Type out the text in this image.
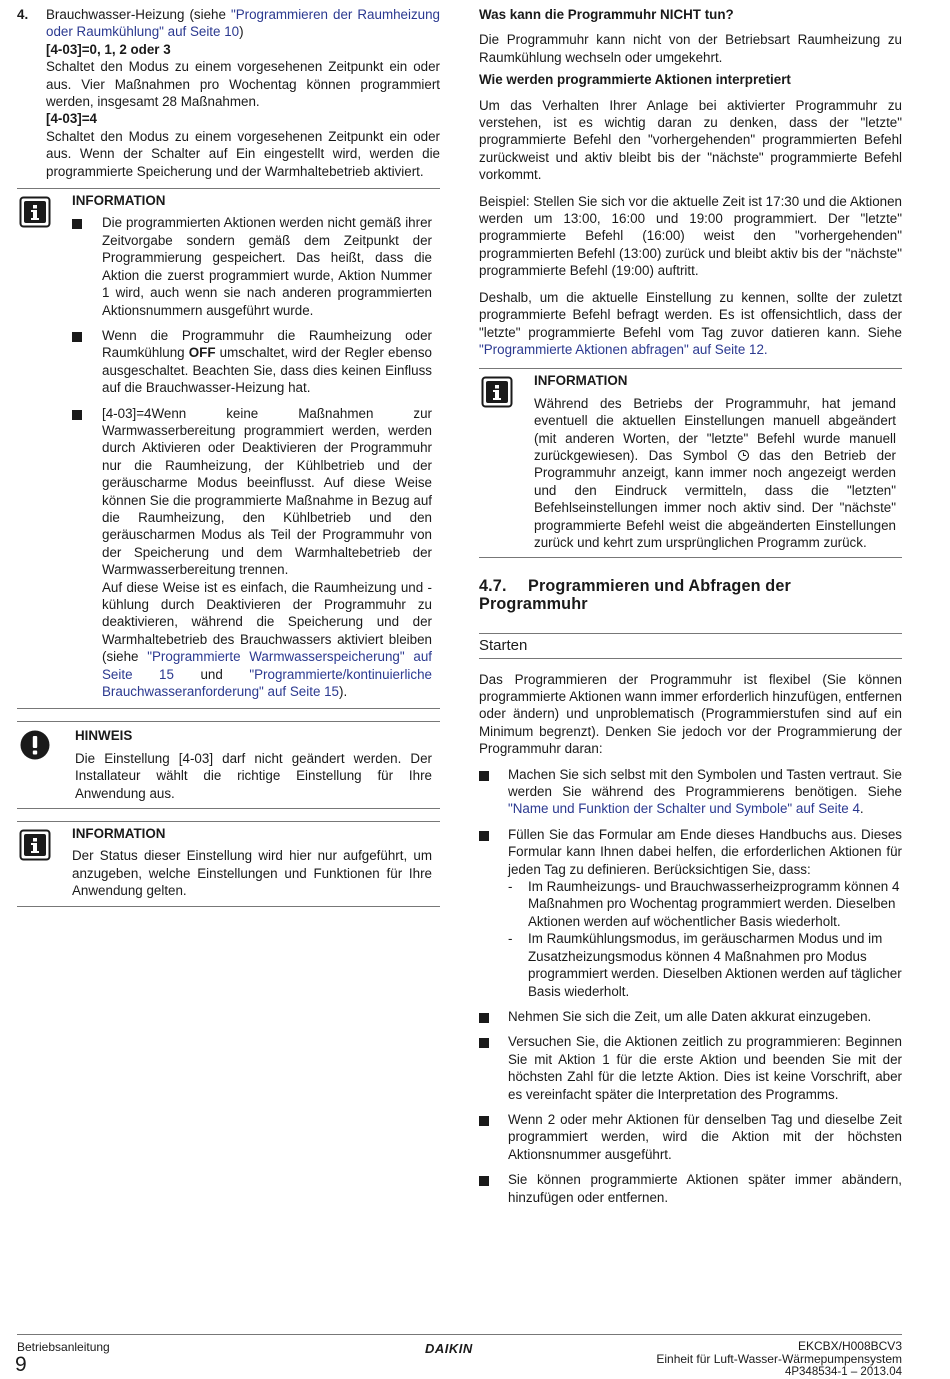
4. Brauchwasser-Heizung (siehe "Programmieren der Raumheizung oder Raumkühlung" auf Seite 10)

[4-03]=0, 1, 2 oder 3

Schaltet den Modus zu einem vorgesehenen Zeitpunkt ein oder aus. Vier Maßnahmen pro Wochentag können programmiert werden, insgesamt 28 Maßnahmen.

[4-03]=4

Schaltet den Modus zu einem vorgesehenen Zeitpunkt ein oder aus. Wenn der Schalter auf Ein eingestellt wird, werden die programmierte Speicherung und der Warmhaltebetrieb aktiviert.

INFORMATION

Die programmierten Aktionen werden nicht gemäß ihrer Zeitvorgabe sondern gemäß dem Zeitpunkt der Programmierung gespeichert. Das heißt, dass die Aktion die zuerst programmiert wurde, Aktion Nummer 1 wird, auch wenn sie nach anderen programmierten Aktionsnummern ausgeführt wurde.

Wenn die Programmuhr die Raumheizung oder Raumkühlung OFF umschaltet, wird der Regler ebenso ausgeschaltet. Beachten Sie, dass dies keinen Einfluss auf die Brauchwasser-Heizung hat.

[4-03]=4Wenn keine Maßnahmen zur Warmwasserbereitung programmiert werden, werden durch Aktivieren oder Deaktivieren der Programmuhr nur die Raumheizung, der Kühlbetrieb und der geräuscharme Modus beeinflusst. Auf diese Weise können Sie die programmierte Maßnahme in Bezug auf die Raumheizung, den Kühlbetrieb und den geräuscharmen Modus als Teil der Programmuhr von der Speicherung und dem Warmhaltebetrieb der Warmwasserbereitung trennen.

Auf diese Weise ist es einfach, die Raumheizung und -kühlung durch Deaktivieren der Programmuhr zu deaktivieren, während die Speicherung und der Warmhaltebetrieb des Brauchwassers aktiviert bleiben (siehe "Programmierte Warmwasserspeicherung" auf Seite 15 und "Programmierte/kontinuierliche Brauchwasseranforderung" auf Seite 15).

HINWEIS

Die Einstellung [4-03] darf nicht geändert werden. Der Installateur wählt die richtige Einstellung für Ihre Anwendung aus.

INFORMATION

Der Status dieser Einstellung wird hier nur aufgeführt, um anzugeben, welche Einstellungen und Funktionen für Ihre Anwendung gelten.

Was kann die Programmuhr NICHT tun?

Die Programmuhr kann nicht von der Betriebsart Raumheizung zu Raumkühlung wechseln oder umgekehrt.

Wie werden programmierte Aktionen interpretiert

Um das Verhalten Ihrer Anlage bei aktivierter Programmuhr zu verstehen, ist es wichtig daran zu denken, dass der "letzte" programmierte Befehl den "vorhergehenden" programmierten Befehl zurückweist und aktiv bleibt bis der "nächste" programmierte Befehl vorkommt.

Beispiel: Stellen Sie sich vor die aktuelle Zeit ist 17:30 und die Aktionen werden um 13:00, 16:00 und 19:00 programmiert. Der "letzte" programmierte Befehl (16:00) weist den "vorhergehenden" programmierten Befehl (13:00) zurück und bleibt aktiv bis der "nächste" programmierte Befehl (19:00) auftritt.

Deshalb, um die aktuelle Einstellung zu kennen, sollte der zuletzt programmierte Befehl befragt werden. Es ist offensichtlich, dass der "letzte" programmierte Befehl vom Tag zuvor datieren kann. Siehe "Programmierte Aktionen abfragen" auf Seite 12.

INFORMATION

Während des Betriebs der Programmuhr, hat jemand eventuell die aktuellen Einstellungen manuell abgeändert (mit anderen Worten, der "letzte" Befehl wurde manuell zurückgewiesen). Das Symbol
das den Betrieb der Programmuhr anzeigt, kann immer noch angezeigt werden und den Eindruck vermitteln, dass die "letzten" Befehlseinstellungen immer noch aktiv sind. Der "nächste" programmierte Befehl weist die abgeänderten Einstellungen zurück und kehrt zum ursprünglichen Programm zurück.

4.7. Programmieren und Abfragen der Programmuhr

Starten

Das Programmieren der Programmuhr ist flexibel (Sie können programmierte Aktionen wann immer erforderlich hinzufügen, entfernen oder ändern) und unproblematisch (Programmierstufen sind auf ein Minimum begrenzt). Denken Sie jedoch vor der Programmierung der Programmuhr daran:

Machen Sie sich selbst mit den Symbolen und Tasten vertraut. Sie werden Sie während des Programmierens benötigen. Siehe "Name und Funktion der Schalter und Symbole" auf Seite 4.

Füllen Sie das Formular am Ende dieses Handbuchs aus. Dieses Formular kann Ihnen dabei helfen, die erforderlichen Aktionen für jeden Tag zu definieren. Berücksichtigen Sie, dass:

- Im Raumheizungs- und Brauchwasserheizprogramm können 4 Maßnahmen pro Wochentag programmiert werden. Dieselben Aktionen werden auf wöchentlicher Basis wiederholt.

- Im Raumkühlungsmodus, im geräuscharmen Modus und im Zusatzheizungsmodus können 4 Maßnahmen pro Modus programmiert werden. Dieselben Aktionen werden auf täglicher Basis wiederholt.

Nehmen Sie sich die Zeit, um alle Daten akkurat einzugeben.

Versuchen Sie, die Aktionen zeitlich zu programmieren: Beginnen Sie mit Aktion 1 für die erste Aktion und beenden Sie mit der höchsten Zahl für die letzte Aktion. Dies ist keine Vorschrift, aber es vereinfacht später die Interpretation des Programms.

Wenn 2 oder mehr Aktionen für denselben Tag und dieselbe Zeit programmiert werden, wird die Aktion mit der höchsten Aktionsnummer ausgeführt.

Sie können programmierte Aktionen später immer abändern, hinzufügen oder entfernen.

Betriebsanleitung
9
DAIKIN	EKCBX/H008BCV3
Einheit für Luft-Wasser-Wärmepumpensystem
4P348534-1 – 2013.04
